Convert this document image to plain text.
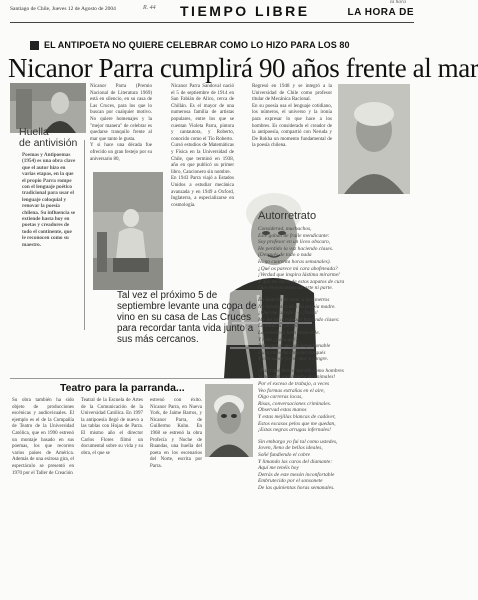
Santiago de Chile, Jueves 12 de Agosto de 2004	R. 44 TIEMPO LIBRE
la hora
LA HORA DE
EL ANTIPOETA NO QUIERE CELEBRAR COMO LO HIZO PARA LOS 80
Nicanor Parra cumplirá 90 años frente al mar
Huella
de antivisión
Poemas y Antipoemas (1954) es una obra clave que el autor hizo en varias etapas, en la que el propio Parra rompe con el lenguaje poético tradicional para usar el lenguaje coloquial y renovar la poesía chilena. Su influencia se extiende hasta hoy en poetas y creadores de todo el continente, que le reconocen como su maestro.

Nicanor Parra (Premio Nacional de Literatura 1969) está en silencio, en su casa de Las Cruces, para los que lo buscan por cualquier motivo. No quiere homenajes y la "mejor manera" de celebrar es quedarse tranquilo frente al mar que tanto le gusta.

Y si hace una década fue ofrecido un gran festejo por su aniversario 80,

Nicanor Parra Sandoval nació el 5 de septiembre de 1914 en San Fabián de Alico, cerca de Chillán. Es el mayor de una numerosa familia de artistas populares, entre los que se cuentan Violeta Parra, pintora y cantautora, y Roberto, conocido como el Tío Roberto.

Cursó estudios de Matemáticas y Física en la Universidad de Chile, que terminó en 1938, año en que publicó su primer libro, Cancionero sin nombre.

En 1943 Parra viajó a Estados Unidos a estudiar mecánica avanzada y en 1949 a Oxford, Inglaterra, a especializarse en cosmología.

Regresó en 1948 y se integró a la Universidad de Chile como profesor titular de Mecánica Racional.

En su poesía usa el lenguaje cotidiano, los números, el universo y la ironía para expresar lo que hace a los hombres. Es considerado el creador de la antipoesía, compartió con Neruda y De Rokha un momento fundamental de la poesía chilena.

Tal vez el próximo 5 de septiembre levante una copa de vino en su casa de Las Cruces para recordar tanta vida junto a sus más cercanos.
Autorretrato
Considerad, muchachos,
Este gabán de fraile mendicante:
Soy profesor en un liceo obscuro,
He perdido la voz haciendo clases.
(Después de todo o nada
Hago cuarenta horas semanales).
¿Qué os parece mi cara abofeteada?
¡Verdad que inspira lástima mirarme!
Y qué me decís de estos zapatos de cura
Que envejecieron sin arte ni parte.
En materia de ojos, a tres metros
No reconozco ni a mi propia madre.
¿Qué me sucede? —¡Nada!
Me los he arruinado haciendo clases:
La mala luz, el sol,
La venenosa luna miserable.
Y todo ¿para qué?
Para ganar un pan imperdonable
Duro como la cara del burgués
Y con sabor y con olor a sangre.
¡Para qué hemos nacido como hombres
Si nos dan una muerte de animales!
Por el exceso de trabajo, a veces
Veo formas extrañas en el aire,
Oigo carreras locas,
Risas, conversaciones criminales.
Observad estas manos
Y estas mejillas blancas de cadáver,
Estos escasos pelos que me quedan,
¡Estas negras arrugas infernales!
Sin embargo yo fui tal como ustedes,
Joven, lleno de bellos ideales,
Soñé fundiendo el cobre
Y limando las caras del diamante:
Aquí me tenéis hoy
Detrás de este mesón inconfortable
Embrutecido por el sonsonete
De las quinientas horas semanales.
Teatro para la parranda...
Su obra también ha sido objeto de producciones escénicas y audiovisuales. El ejemplo es el de la Compañía de Teatro de la Universidad Católica, que en 1990 estrenó un montaje basado en sus poemas, los que recorren varios países de América. Además de una exitosa gira, el espectáculo se presentó en 1970 por el Taller de Creación
Teatral de la Escuela de Artes de la Comunicación de la Universidad Católica. En 1997 la antipoesía llegó de nuevo a las tablas con Hojas de Parra. El mismo año el director Carlos Flores filmó un documental sobre su vida y su obra, el que se
estrenó con éxito. Nicanor Parra, en Nueva York, de Jaime Barros, y Nicanor Parra, de Guillermo Kuhn. En 1968 se estrenó la obra Profecía y Noche de Ruandas, una huella del poeta en los escenarios del Norte, escrita por Parra.
